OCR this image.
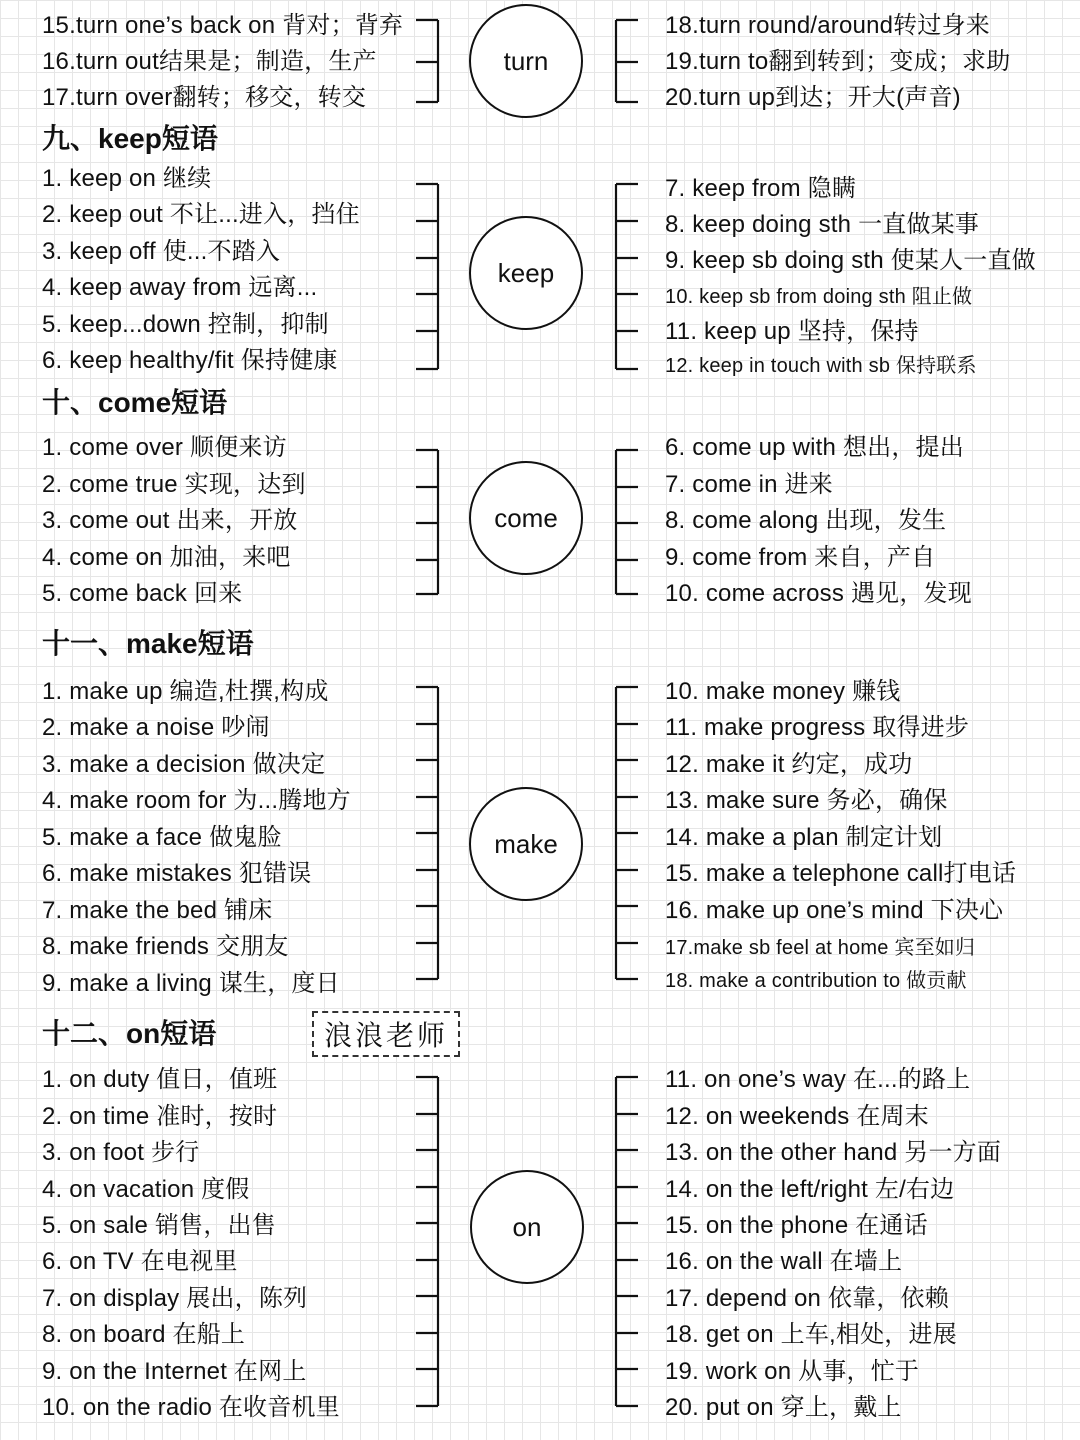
15.turn one’s back on 背对；背弃
16.turn out结果是；制造，生产
17.turn over翻转；移交，转交
turn
18.turn round/around转过身来
19.turn to翻到转到；变成；求助
20.turn up到达；开大(声音)
九、keep短语
1. keep on 继续
2. keep out 不让...进入，挡住
3. keep off 使...不踏入
4. keep away from 远离...
5. keep...down 控制，抑制
6. keep healthy/fit 保持健康
keep
7. keep from 隐瞒
8. keep doing sth 一直做某事
9. keep sb doing sth 使某人一直做
10. keep sb from doing sth 阻止做
11. keep up 坚持，保持
12. keep in touch with sb 保持联系
十、come短语
1. come over 顺便来访
2. come true 实现，达到
3. come out 出来，开放
4. come on 加油，来吧
5. come back 回来
come
6. come up with 想出，提出
7. come in 进来
8. come along 出现，发生
9. come from 来自，产自
10. come across 遇见，发现
十一、make短语
1. make up 编造,杜撰,构成
2. make a noise 吵闹
3. make a decision 做决定
4. make room for 为...腾地方
5. make a face 做鬼脸
6. make mistakes 犯错误
7. make the bed 铺床
8. make friends 交朋友
9. make a living 谋生，度日
make
10. make money 赚钱
11. make progress 取得进步
12. make it 约定，成功
13. make sure 务必，确保
14. make a plan 制定计划
15. make a telephone call打电话
16. make up one’s mind 下决心
17.make sb feel at home 宾至如归
18. make a contribution to 做贡献
十二、on短语	浪浪老师
1. on duty 值日，值班
2. on time 准时，按时
3. on foot 步行
4. on vacation 度假
5. on sale 销售，出售
6. on TV 在电视里
7. on display 展出，陈列
8. on board 在船上
9. on the Internet 在网上
10. on the radio 在收音机里
on
11. on one’s way 在...的路上
12. on weekends 在周末
13. on the other hand 另一方面
14. on the left/right 左/右边
15. on the phone 在通话
16. on the wall 在墙上
17. depend on 依靠，依赖
18. get on 上车,相处，进展
19. work on 从事，忙于
20. put on 穿上，戴上
